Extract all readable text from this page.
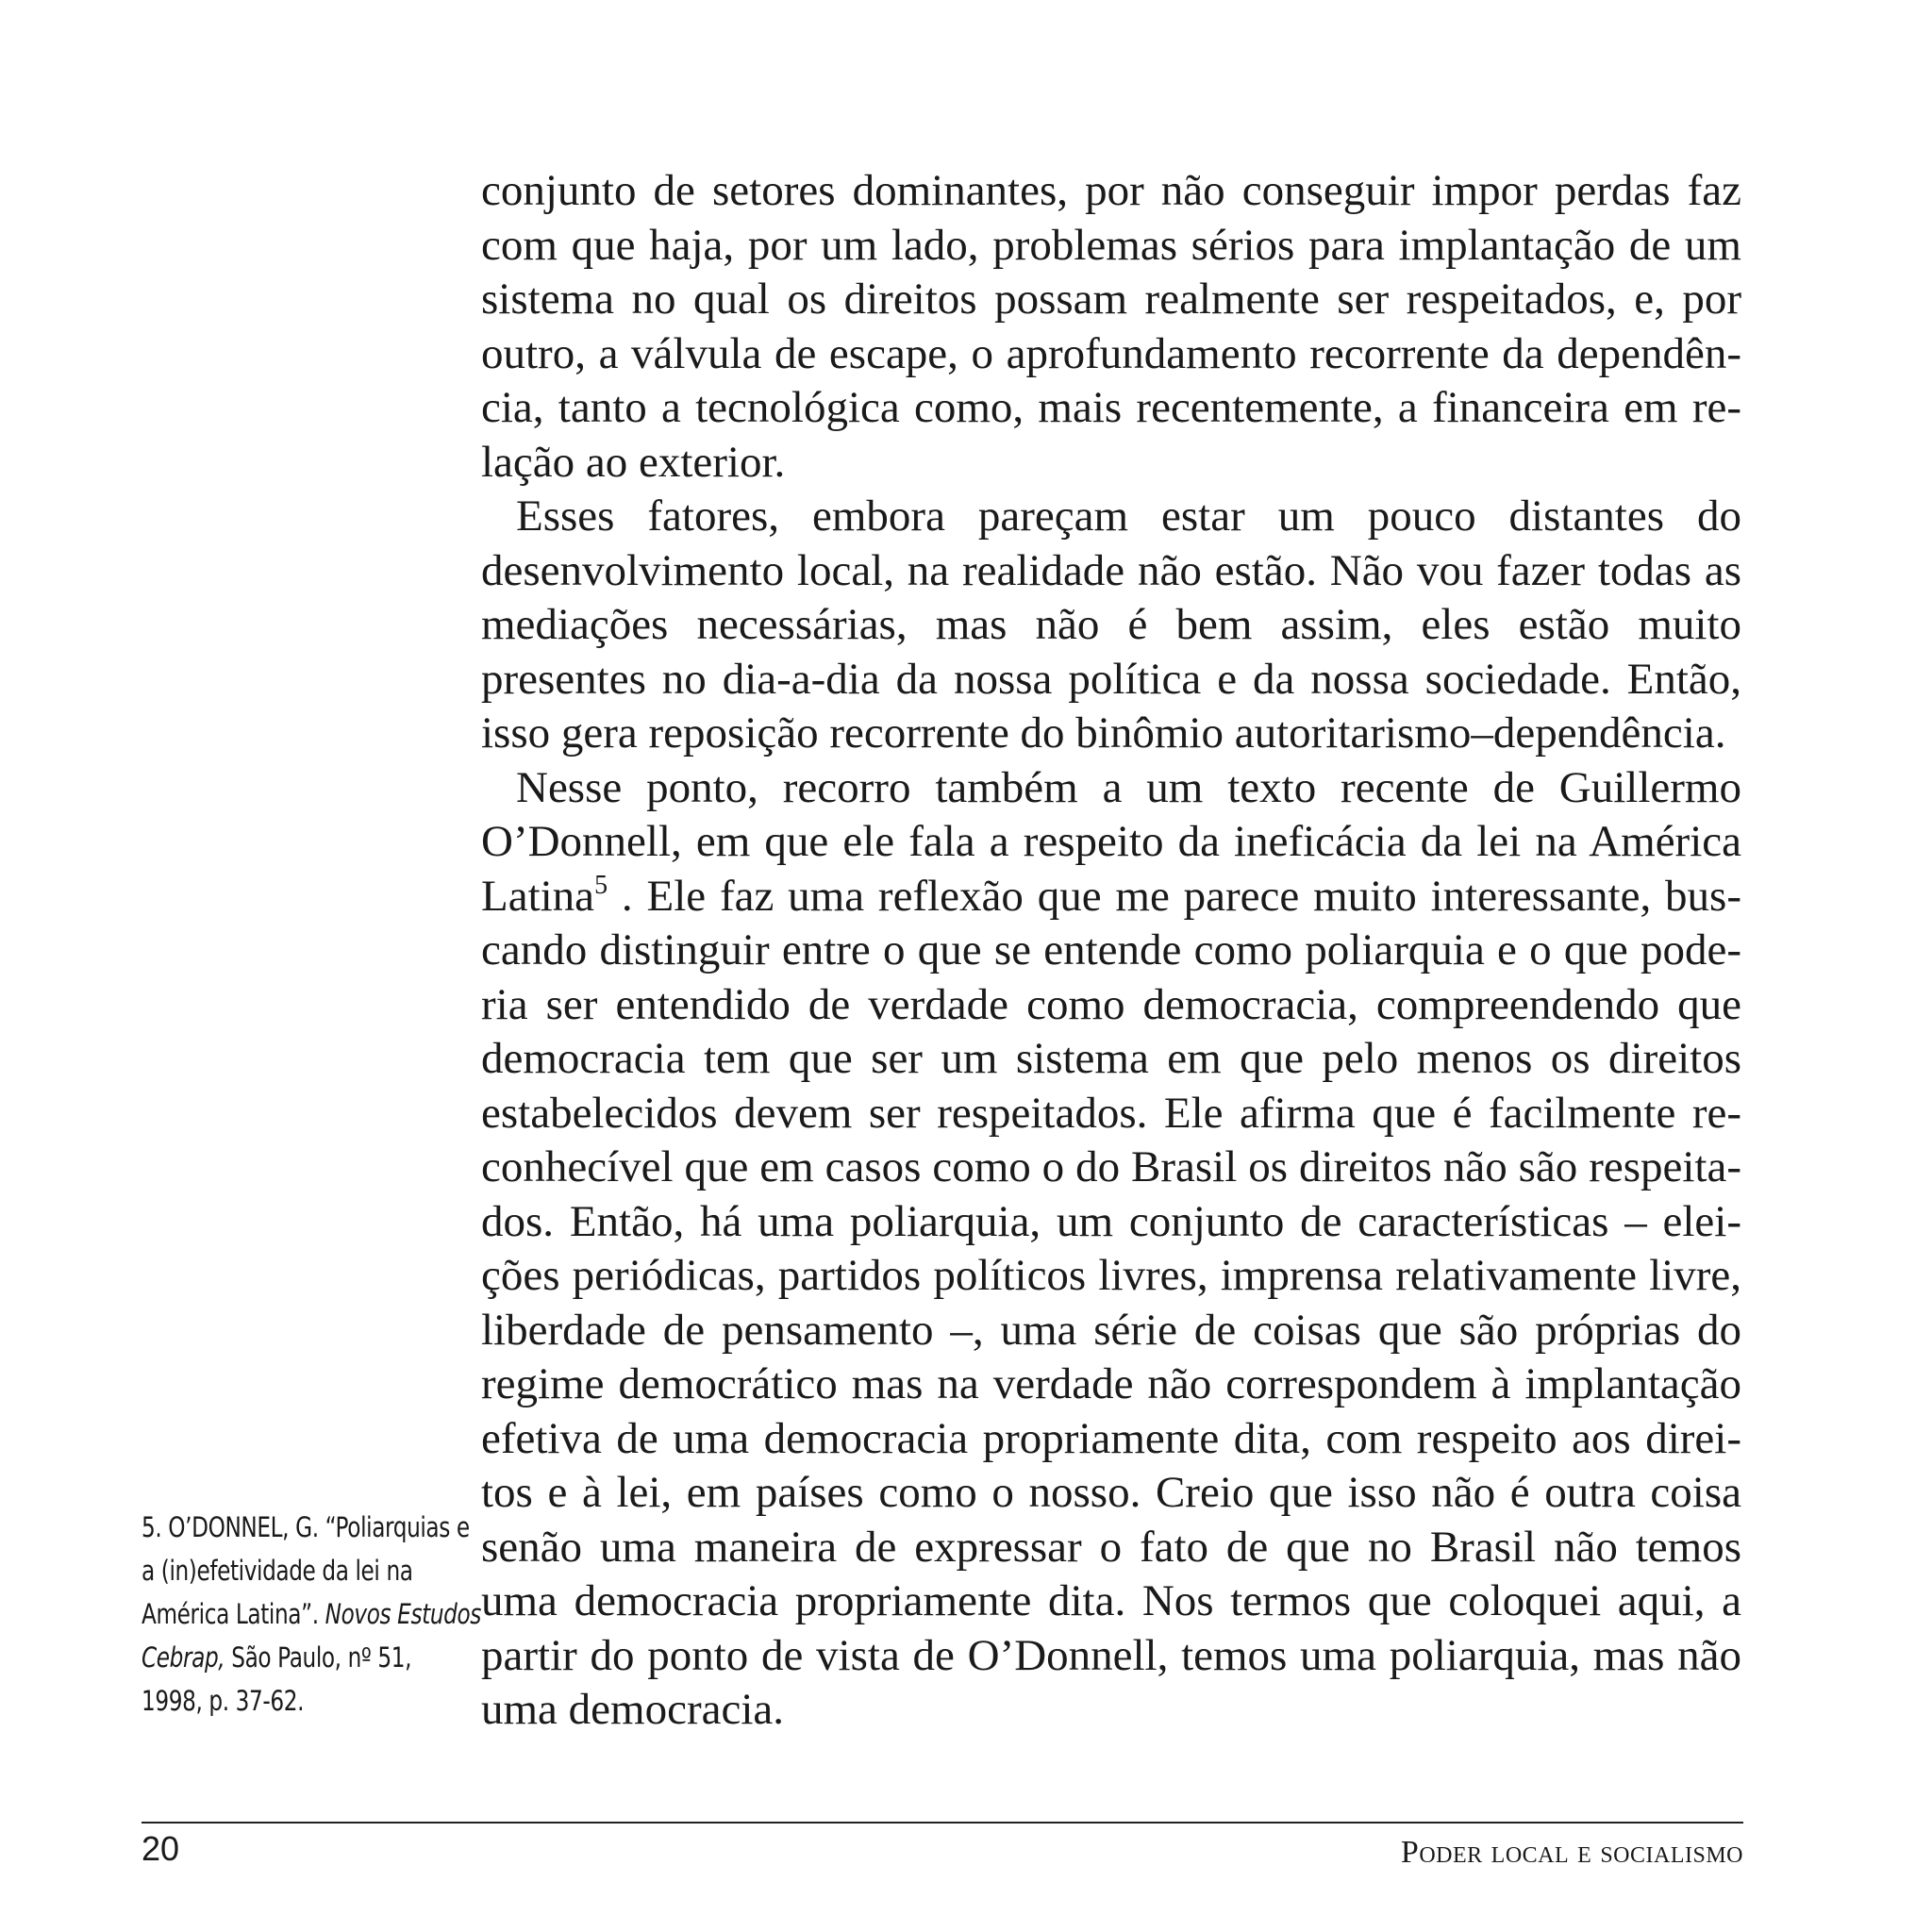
conjunto de setores dominantes, por não conseguir impor perdas faz com que haja, por um lado, problemas sérios para implantação de um sistema no qual os direitos possam realmente ser respeitados, e, por outro, a válvula de escape, o aprofundamento recorrente da dependência, tanto a tecnológica como, mais recentemente, a financeira em relação ao exterior.

Esses fatores, embora pareçam estar um pouco distantes do desenvolvimento local, na realidade não estão. Não vou fazer todas as mediações necessárias, mas não é bem assim, eles estão muito presentes no dia-a-dia da nossa política e da nossa sociedade. Então, isso gera reposição recorrente do binômio autoritarismo–dependência.

Nesse ponto, recorro também a um texto recente de Guillermo O’Donnell, em que ele fala a respeito da ineficácia da lei na América Latina$^5$ . Ele faz uma reflexão que me parece muito interessante, buscando distinguir entre o que se entende como poliarquia e o que poderia ser entendido de verdade como democracia, compreendendo que democracia tem que ser um sistema em que pelo menos os direitos estabelecidos devem ser respeitados. Ele afirma que é facilmente reconhecível que em casos como o do Brasil os direitos não são respeitados. Então, há uma poliarquia, um conjunto de características – eleições periódicas, partidos políticos livres, imprensa relativamente livre, liberdade de pensamento –, uma série de coisas que são próprias do regime democrático mas na verdade não correspondem à implantação efetiva de uma democracia propriamente dita, com respeito aos direitos e à lei, em países como o nosso. Creio que isso não é outra coisa senão uma maneira de expressar o fato de que no Brasil não temos uma democracia propriamente dita. Nos termos que coloquei aqui, a partir do ponto de vista de O’Donnell, temos uma poliarquia, mas não uma democracia.

5. O’DONNEL, G. “Poliarquias e
a (in)efetividade da lei na
América Latina”. Novos Estudos
Cebrap, São Paulo, nº 51,
1998, p. 37-62.
20	Poder local e socialismo
